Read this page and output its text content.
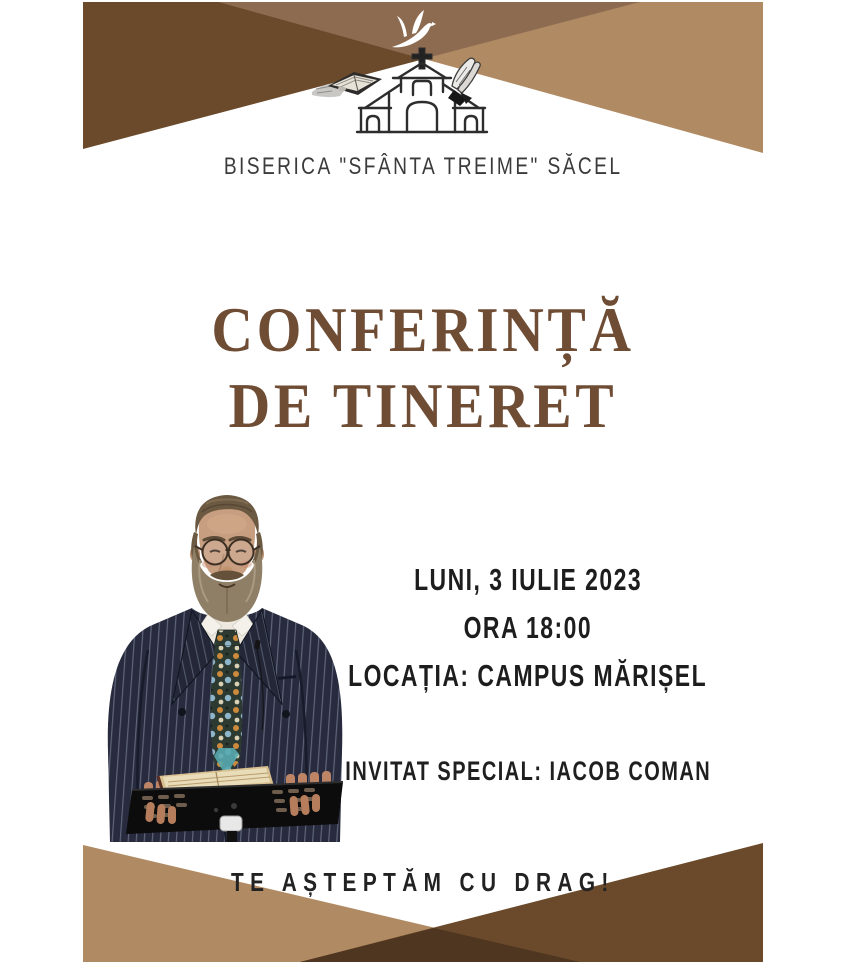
BISERICA "SFÂNTA TREIME" SĂCEL
CONFERINȚĂ
DE TINERET
LUNI, 3 IULIE 2023
ORA 18:00
LOCAȚIA: CAMPUS MĂRIȘEL
INVITAT SPECIAL: IACOB COMAN
TE AȘTEPTĂM CU DRAG!
